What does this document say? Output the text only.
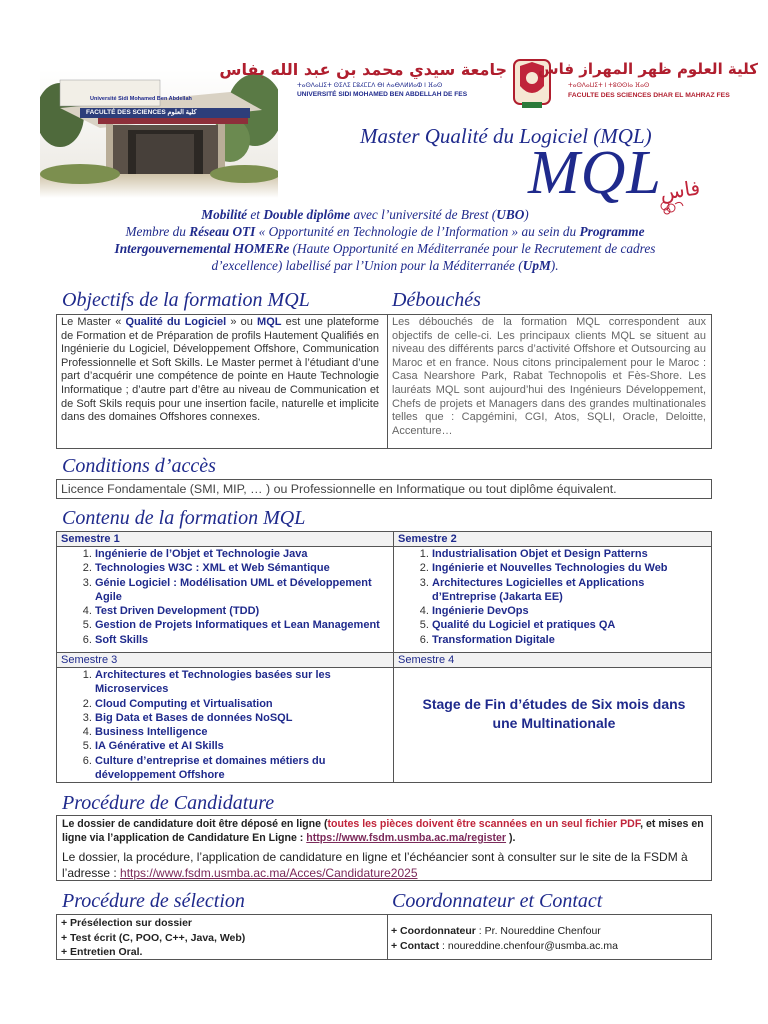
Université Sidi Mohamed Ben Abdellah
FACULTÉ DES SCIENCES كلية العلوم
جامعة سيدي محمد بن عبد الله بفاس
ⵜⴰⵙⴷⴰⵡⵉⵜ ⵙⵉⴷⵉ ⵎⵓⵃⵎⵎⴷ ⴱⵏ ⵄⴰⴱⴷⵍⵍⴰⵀ ⵏ ⴼⴰⵙ
UNIVERSITÉ SIDI MOHAMED BEN ABDELLAH DE FES
كلية العلوم ظهر المهراز فاس
ⵜⴰⵙⴷⴰⵡⵉⵜ ⵏ ⵜⵓⵙⵙⵏⴰ ⴼⴰⵙ
FACULTE DES SCIENCES DHAR EL MAHRAZ FES
Master Qualité du Logiciel (MQL)
MQL
فاس
Mobilité et Double diplôme avec l’université de Brest (UBO)
Membre du Réseau OTI « Opportunité en Technologie de l’Information » au sein du Programme
Intergouvernemental HOMERe (Haute Opportunité en Méditerranée pour le Recrutement de cadres
d’excellence) labellisé par l’Union pour la Méditerranée (UpM).
Objectifs de la formation MQL	Débouchés
Le Master « Qualité du Logiciel » ou MQL est une plateforme de Formation et de Préparation de profils Hautement Qualifiés en Ingénierie du Logiciel, Développement Offshore, Communication Professionnelle et Soft Skills. Le Master permet à l’étudiant d’une part d’acquérir une compétence de pointe en Haute Technologie Informatique ; d’autre part d’être au niveau de Communication et de Soft Skils requis pour une insertion facile, naturelle et implicite dans des domaines Offshores connexes.
Les débouchés de la formation MQL correspondent aux objectifs de celle-ci. Les principaux clients MQL se situent au niveau des différents parcs d’activité Offshore et Outsourcing au Maroc et en france. Nous citons principalement pour le Maroc : Casa Nearshore Park, Rabat Technopolis et Fès-Shore. Les lauréats MQL sont aujourd’hui des Ingénieurs Développement, Chefs de projets et Managers dans des grandes multinationales telles que : Capgémini, CGI, Atos, SQLI, Oracle, Deloitte, Accenture…
Conditions d’accès
Licence Fondamentale (SMI, MIP, … ) ou Professionnelle en Informatique ou tout diplôme équivalent.
Contenu de la formation MQL
Semestre 1
1. Ingénierie de l’Objet et Technologie Java
2. Technologies W3C : XML et Web Sémantique
3. Génie Logiciel : Modélisation UML et Développement Agile
4. Test Driven Development (TDD)
5. Gestion de Projets Informatiques et Lean Management
6. Soft Skills
Semestre 2
1. Industrialisation Objet et Design Patterns
2. Ingénierie et Nouvelles Technologies du Web
3. Architectures Logicielles et Applications d’Entreprise (Jakarta EE)
4. Ingénierie DevOps
5. Qualité du Logiciel et pratiques QA
6. Transformation Digitale
Semestre 3
1. Architectures et Technologies basées sur les Microservices
2. Cloud Computing et Virtualisation
3. Big Data et Bases de données NoSQL
4. Business Intelligence
5. IA Générative et AI Skills
6. Culture d’entreprise et domaines métiers du développement Offshore
Semestre 4
Stage de Fin d’études de Six mois dans une Multinationale
Procédure de Candidature
Le dossier de candidature doit être déposé en ligne (toutes les pièces doivent être scannées en un seul fichier PDF, et mises en ligne via l’application de Candidature En Ligne : https://www.fsdm.usmba.ac.ma/register ).
Le dossier, la procédure, l’application de candidature en ligne et l’échéancier sont à consulter sur le site de la FSDM à l’adresse : https://www.fsdm.usmba.ac.ma/Acces/Candidature2025
Procédure de sélection	Coordonnateur et Contact
+ Présélection sur dossier
+ Test écrit (C, POO, C++, Java, Web)
+ Entretien Oral.
+ Coordonnateur : Pr. Noureddine Chenfour
+ Contact : noureddine.chenfour@usmba.ac.ma
